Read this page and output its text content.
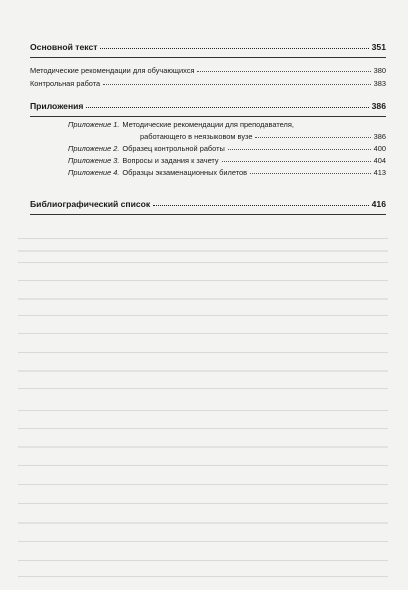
Основной текст	351
Методические рекомендации для обучающихся	380
Контрольная работа	383
Приложения	386
Приложение 1. Методические рекомендации для преподавателя,
работающего в неязыковом вузе	386
Приложение 2. Образец контрольной работы	400
Приложение 3. Вопросы и задания к зачету	404
Приложение 4. Образцы экзаменационных билетов	413
Библиографический список	416
